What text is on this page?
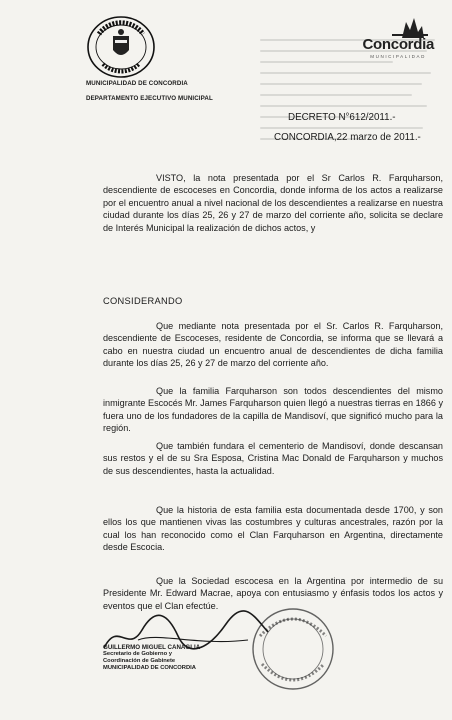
MUNICIPALIDAD DE CONCORDIA
DEPARTAMENTO EJECUTIVO MUNICIPAL
Concordia
MUNICIPALIDAD
DECRETO N°612/2011.-
CONCORDIA,22 marzo de 2011.-

VISTO, la nota presentada por el Sr Carlos R. Farquharson, descendiente de escoceses en Concordia, donde informa de los actos a realizarse por el encuentro anual a nivel nacional de los descendientes a realizarse en nuestra ciudad durante los días 25, 26 y 27 de marzo del corriente año, solicita se declare de Interés Municipal la realización de dichos actos, y

CONSIDERANDO

Que mediante nota presentada por el Sr. Carlos R. Farquharson, descendiente de Escoceses, residente de Concordia, se informa que se llevará a cabo en nuestra ciudad un encuentro anual de descendientes de dicha familia durante los días 25, 26 y 27 de marzo del corriente año.

Que la familia Farquharson son todos descendientes del mismo inmigrante Escocés Mr. James Farquharson quien llegó a nuestras tierras en 1866 y fuera uno de los fundadores de la capilla de Mandisoví, que significó mucho para la región.

Que también fundara el cementerio de Mandisoví, donde descansan sus restos y el de su Sra Esposa, Cristina Mac Donald de Farquharson y muchos de sus descendientes, hasta la actualidad.

Que la historia de esta familia esta documentada desde 1700, y son ellos los que mantienen vivas las costumbres y culturas ancestrales, razón por la cual los han reconocido como el Clan Farquharson en Argentina, directamente desde Escocia.

Que la Sociedad escocesa en la Argentina por intermedio de su Presidente Mr. Edward Macrae, apoya con entusiasmo y énfasis todos los actos y eventos que el Clan efectúe.

GUILLERMO MIGUEL CANAGLIA
Secretario de Gobierno y
Coordinación de Gabinete
MUNICIPALIDAD DE CONCORDIA
